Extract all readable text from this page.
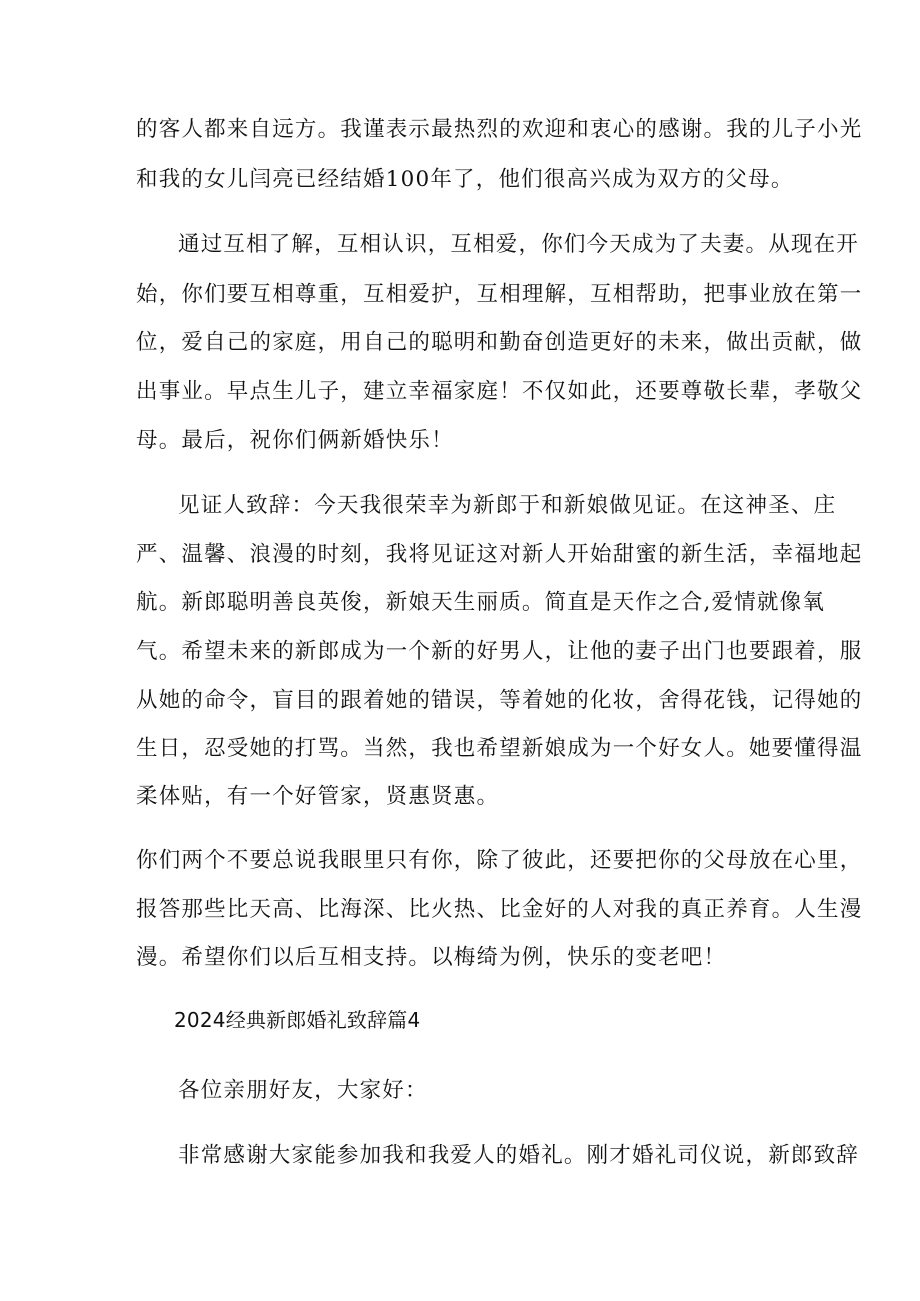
的客人都来自远方。我谨表示最热烈的欢迎和衷心的感谢。我的儿子小光
和我的女儿闫亮已经结婚100年了，他们很高兴成为双方的父母。
通过互相了解，互相认识，互相爱，你们今天成为了夫妻。从现在开
始，你们要互相尊重，互相爱护，互相理解，互相帮助，把事业放在第一
位，爱自己的家庭，用自己的聪明和勤奋创造更好的未来，做出贡献，做
出事业。早点生儿子，建立幸福家庭！不仅如此，还要尊敬长辈，孝敬父
母。最后，祝你们俩新婚快乐！
见证人致辞：今天我很荣幸为新郎于和新娘做见证。在这神圣、庄
严、温馨、浪漫的时刻，我将见证这对新人开始甜蜜的新生活，幸福地起
航。新郎聪明善良英俊，新娘天生丽质。简直是天作之合,爱情就像氧
气。希望未来的新郎成为一个新的好男人，让他的妻子出门也要跟着，服
从她的命令，盲目的跟着她的错误，等着她的化妆，舍得花钱，记得她的
生日，忍受她的打骂。当然，我也希望新娘成为一个好女人。她要懂得温
柔体贴，有一个好管家，贤惠贤惠。
你们两个不要总说我眼里只有你，除了彼此，还要把你的父母放在心里，
报答那些比天高、比海深、比火热、比金好的人对我的真正养育。人生漫
漫。希望你们以后互相支持。以梅绮为例，快乐的变老吧！
2024经典新郎婚礼致辞篇4
各位亲朋好友，大家好：
非常感谢大家能参加我和我爱人的婚礼。刚才婚礼司仪说，新郎致辞
